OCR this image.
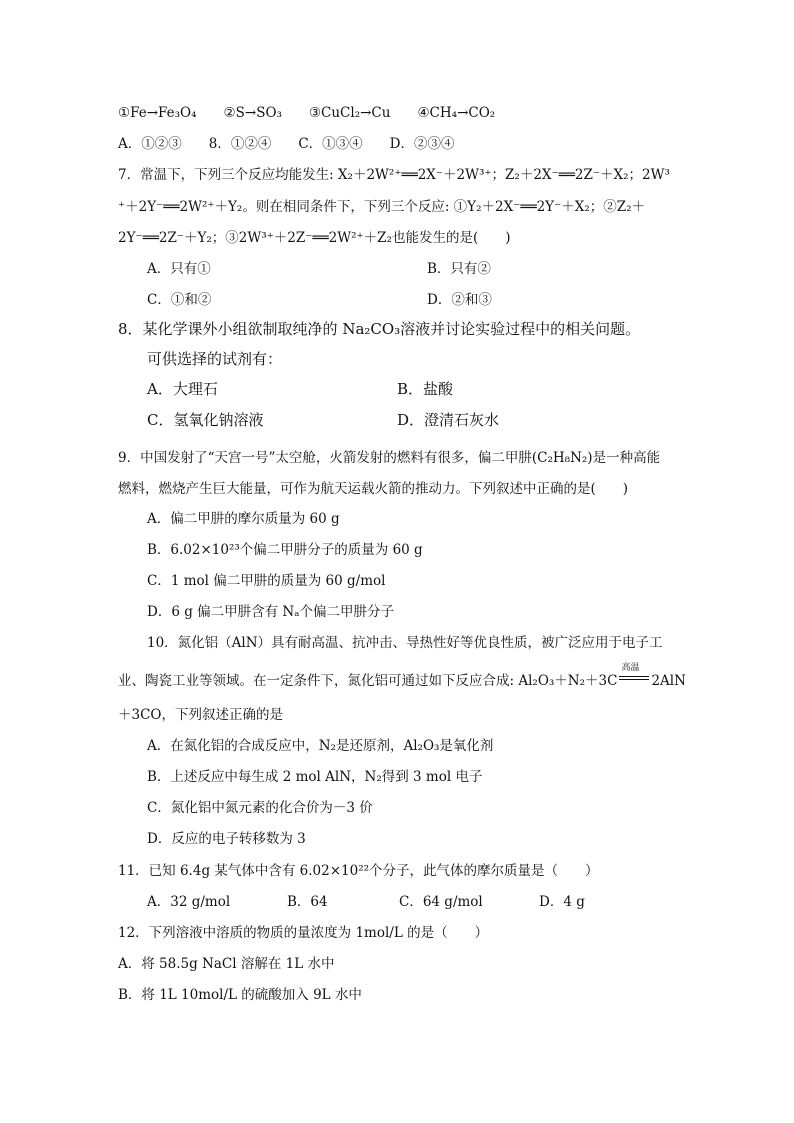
①Fe→Fe₃O₄　　②S→SO₃　　③CuCl₂→Cu　　④CH₄→CO₂
A．①②③　　8．①②④　　C．①③④　　D．②③④
7．常温下，下列三个反应均能发生: X₂＋2W²⁺══2X⁻＋2W³⁺；Z₂＋2X⁻══2Z⁻＋X₂；2W³
⁺＋2Y⁻══2W²⁺＋Y₂。则在相同条件下，下列三个反应: ①Y₂＋2X⁻══2Y⁻＋X₂；②Z₂＋
2Y⁻══2Z⁻＋Y₂；③2W³⁺＋2Z⁻══2W²⁺＋Z₂也能发生的是(　　)
A．只有①	B．只有②
C．①和②	D．②和③
8．某化学课外小组欲制取纯净的 Na₂CO₃溶液并讨论实验过程中的相关问题。
可供选择的试剂有：
A．大理石	B．盐酸
C．氢氧化钠溶液	D．澄清石灰水
9．中国发射了“天宫一号”太空舱，火箭发射的燃料有很多，偏二甲肼(C₂H₈N₂)是一种高能
燃料，燃烧产生巨大能量，可作为航天运载火箭的推动力。下列叙述中正确的是(　　)
A．偏二甲肼的摩尔质量为 60 g
B．6.02×10²³个偏二甲肼分子的质量为 60 g
C．1 mol 偏二甲肼的质量为 60 g/mol
D．6 g 偏二甲肼含有 Nₐ个偏二甲肼分子
10．氮化铝（AlN）具有耐高温、抗冲击、导热性好等优良性质，被广泛应用于电子工
业、陶瓷工业等领域。在一定条件下，氮化铝可通过如下反应合成: Al₂O₃＋N₂＋3C
高温
2AlN
＋3CO，下列叙述正确的是
A．在氮化铝的合成反应中，N₂是还原剂，Al₂O₃是氧化剂
B．上述反应中每生成 2 mol AlN，N₂得到 3 mol 电子
C．氮化铝中氮元素的化合价为－3 价
D．反应的电子转移数为 3
11．已知 6.4g 某气体中含有 6.02×10²²个分子，此气体的摩尔质量是（　　）
A．32 g/mol	B．64	C．64 g/mol	D．4 g
12．下列溶液中溶质的物质的量浓度为 1mol/L 的是（　　）
A．将 58.5g NaCl 溶解在 1L 水中
B．将 1L 10mol/L 的硫酸加入 9L 水中
